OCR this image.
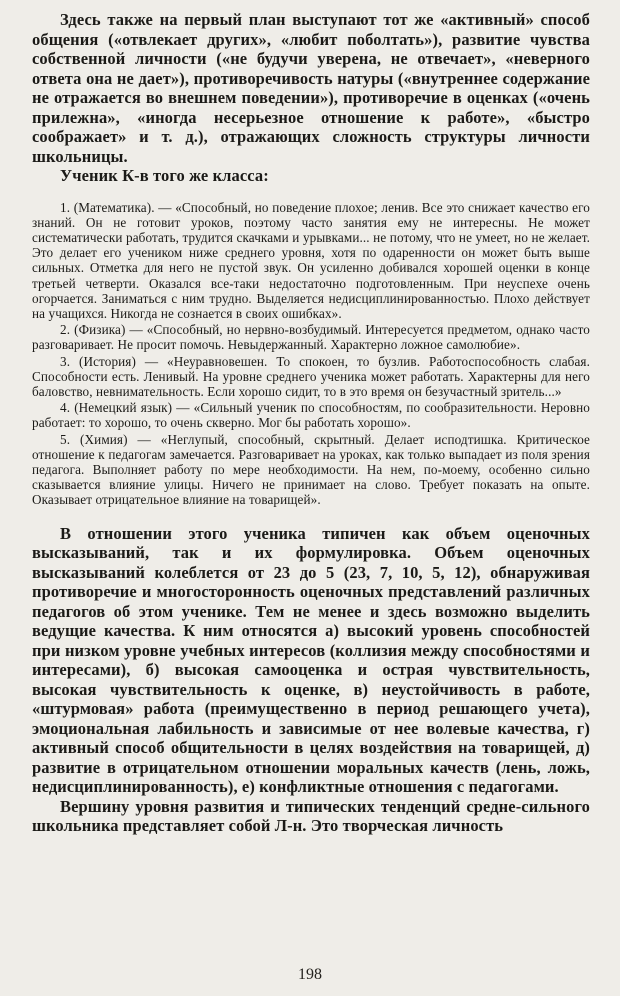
Здесь также на первый план выступают тот же «активный» способ общения («отвлекает других», «любит поболтать»), развитие чувства собственной личности («не будучи уверена, не отвечает», «неверного ответа она не дает»), противоречивость натуры («внутреннее содержание не отражается во внешнем поведении»), противоречие в оценках («очень прилежна», «иногда несерьезное отношение к работе», «быстро соображает» и т. д.), отражающих сложность структуры личности школьницы.

Ученик К-в того же класса:

1. (Математика). — «Способный, но поведение плохое; ленив. Все это снижает качество его знаний. Он не готовит уроков, поэтому часто занятия ему не интересны. Не может систематически работать, трудится скачками и урывками... не потому, что не умеет, но не желает. Это делает его учеником ниже среднего уровня, хотя по одаренности он может быть выше сильных. Отметка для него не пустой звук. Он усиленно добивался хорошей оценки в конце третьей четверти. Оказался все-таки недостаточно подготовленным. При неуспехе очень огорчается. Заниматься с ним трудно. Выделяется недисциплинированностью. Плохо действует на учащихся. Никогда не сознается в своих ошибках».

2. (Физика) — «Способный, но нервно-возбудимый. Интересуется предметом, однако часто разговаривает. Не просит помочь. Невыдержанный. Характерно ложное самолюбие».

3. (История) — «Неуравновешен. То спокоен, то бузлив. Работоспособность слабая. Способности есть. Ленивый. На уровне среднего ученика может работать. Характерны для него баловство, невнимательность. Если хорошо сидит, то в это время он безучастный зритель...»

4. (Немецкий язык) — «Сильный ученик по способностям, по сообразительности. Неровно работает: то хорошо, то очень скверно. Мог бы работать хорошо».

5. (Химия) — «Неглупый, способный, скрытный. Делает исподтишка. Критическое отношение к педагогам замечается. Разговаривает на уроках, как только выпадает из поля зрения педагога. Выполняет работу по мере необходимости. На нем, по-моему, особенно сильно сказывается влияние улицы. Ничего не принимает на слово. Требует показать на опыте. Оказывает отрицательное влияние на товарищей».

В отношении этого ученика типичен как объем оценочных высказываний, так и их формулировка. Объем оценочных высказываний колеблется от 23 до 5 (23, 7, 10, 5, 12), обнаруживая противоречие и многосторонность оценочных представлений различных педагогов об этом ученике. Тем не менее и здесь возможно выделить ведущие качества. К ним относятся а) высокий уровень способностей при низком уровне учебных интересов (коллизия между способностями и интересами), б) высокая самооценка и острая чувствительность, высокая чувствительность к оценке, в) неустойчивость в работе, «штурмовая» работа (преимущественно в период решающего учета), эмоциональная лабильность и зависимые от нее волевые качества, г) активный способ общительности в целях воздействия на товарищей, д) развитие в отрицательном отношении моральных качеств (лень, ложь, недисциплинированность), е) конфликтные отношения с педагогами.

Вершину уровня развития и типических тенденций средне-сильного школьника представляет собой Л-н. Это творческая личность

198
